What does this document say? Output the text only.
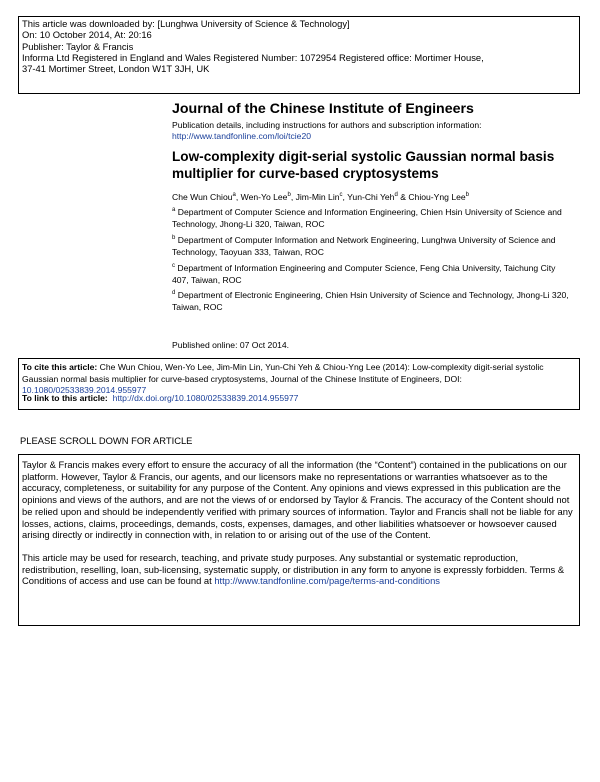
This article was downloaded by: [Lunghwa University of Science & Technology]
On: 10 October 2014, At: 20:16
Publisher: Taylor & Francis
Informa Ltd Registered in England and Wales Registered Number: 1072954 Registered office: Mortimer House,
37-41 Mortimer Street, London W1T 3JH, UK
Journal of the Chinese Institute of Engineers
Publication details, including instructions for authors and subscription information:
http://www.tandfonline.com/loi/tcie20
Low-complexity digit-serial systolic Gaussian normal basis multiplier for curve-based cryptosystems
Che Wun Chiou$^a$, Wen-Yo Lee$^b$, Jim-Min Lin$^c$, Yun-Chi Yeh$^d$ & Chiou-Yng Lee$^b$
$^a$ Department of Computer Science and Information Engineering, Chien Hsin University of Science and Technology, Jhong-Li 320, Taiwan, ROC
$^b$ Department of Computer Information and Network Engineering, Lunghwa University of Science and Technology, Taoyuan 333, Taiwan, ROC
$^c$ Department of Information Engineering and Computer Science, Feng Chia University, Taichung City 407, Taiwan, ROC
$^d$ Department of Electronic Engineering, Chien Hsin University of Science and Technology, Jhong-Li 320, Taiwan, ROC
Published online: 07 Oct 2014.
To cite this article: Che Wun Chiou, Wen-Yo Lee, Jim-Min Lin, Yun-Chi Yeh & Chiou-Yng Lee (2014): Low-complexity digit-serial systolic Gaussian normal basis multiplier for curve-based cryptosystems, Journal of the Chinese Institute of Engineers, DOI: 10.1080/02533839.2014.955977
To link to this article: http://dx.doi.org/10.1080/02533839.2014.955977
PLEASE SCROLL DOWN FOR ARTICLE

Taylor & Francis makes every effort to ensure the accuracy of all the information (the “Content”) contained in the publications on our platform. However, Taylor & Francis, our agents, and our licensors make no representations or warranties whatsoever as to the accuracy, completeness, or suitability for any purpose of the Content. Any opinions and views expressed in this publication are the opinions and views of the authors, and are not the views of or endorsed by Taylor & Francis. The accuracy of the Content should not be relied upon and should be independently verified with primary sources of information. Taylor and Francis shall not be liable for any losses, actions, claims, proceedings, demands, costs, expenses, damages, and other liabilities whatsoever or howsoever caused arising directly or indirectly in connection with, in relation to or arising out of the use of the Content.

This article may be used for research, teaching, and private study purposes. Any substantial or systematic reproduction, redistribution, reselling, loan, sub-licensing, systematic supply, or distribution in any form to anyone is expressly forbidden. Terms & Conditions of access and use can be found at http://www.tandfonline.com/page/terms-and-conditions
